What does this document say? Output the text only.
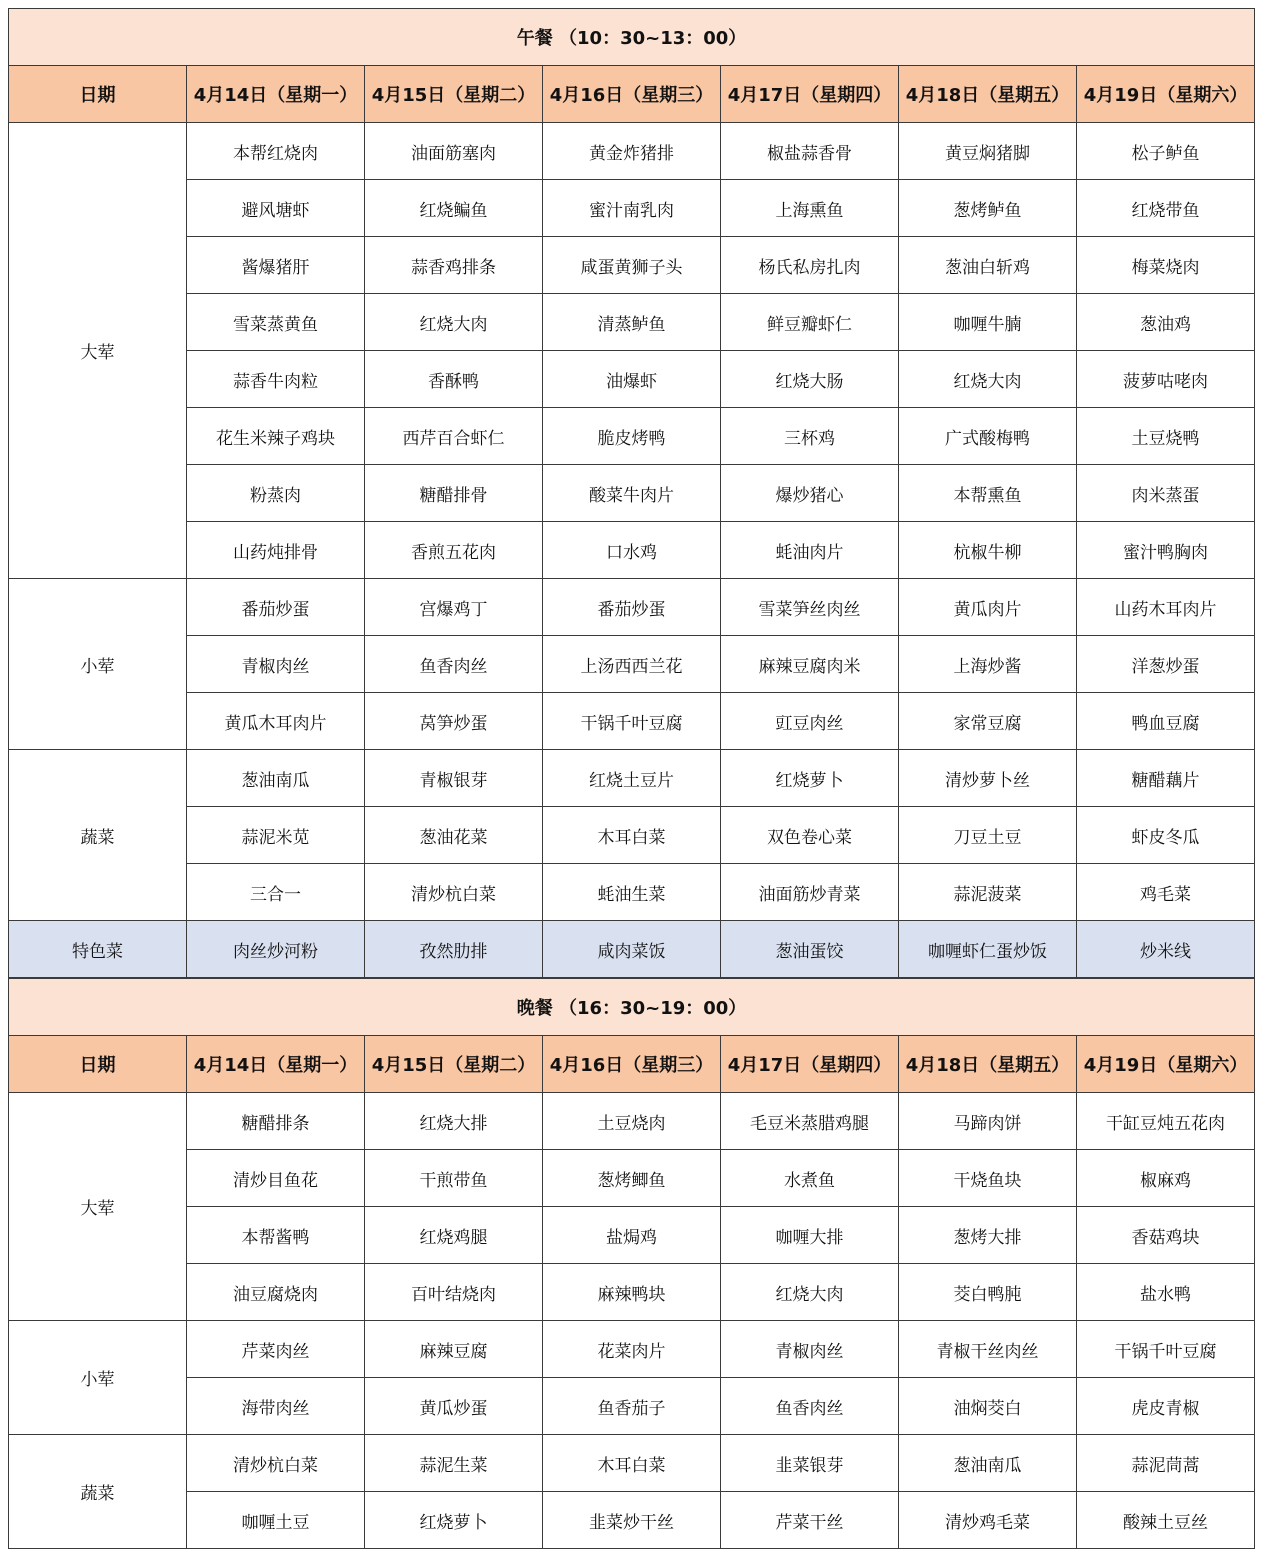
午餐 （10：30~13：00）						
日期	4月14日（星期一）	4月15日（星期二）	4月16日（星期三）	4月17日（星期四）	4月18日（星期五）	4月19日（星期六）
大荤	本帮红烧肉	油面筋塞肉	黄金炸猪排	椒盐蒜香骨	黄豆焖猪脚	松子鲈鱼
	避风塘虾	红烧鳊鱼	蜜汁南乳肉	上海熏鱼	葱烤鲈鱼	红烧带鱼
	酱爆猪肝	蒜香鸡排条	咸蛋黄狮子头	杨氏私房扎肉	葱油白斩鸡	梅菜烧肉
	雪菜蒸黄鱼	红烧大肉	清蒸鲈鱼	鲜豆瓣虾仁	咖喱牛腩	葱油鸡
	蒜香牛肉粒	香酥鸭	油爆虾	红烧大肠	红烧大肉	菠萝咕咾肉
	花生米辣子鸡块	西芹百合虾仁	脆皮烤鸭	三杯鸡	广式酸梅鸭	土豆烧鸭
	粉蒸肉	糖醋排骨	酸菜牛肉片	爆炒猪心	本帮熏鱼	肉米蒸蛋
	山药炖排骨	香煎五花肉	口水鸡	蚝油肉片	杭椒牛柳	蜜汁鸭胸肉
小荤	番茄炒蛋	宫爆鸡丁	番茄炒蛋	雪菜笋丝肉丝	黄瓜肉片	山药木耳肉片
	青椒肉丝	鱼香肉丝	上汤西西兰花	麻辣豆腐肉米	上海炒酱	洋葱炒蛋
	黄瓜木耳肉片	莴笋炒蛋	干锅千叶豆腐	豇豆肉丝	家常豆腐	鸭血豆腐
蔬菜	葱油南瓜	青椒银芽	红烧土豆片	红烧萝卜	清炒萝卜丝	糖醋藕片
	蒜泥米苋	葱油花菜	木耳白菜	双色卷心菜	刀豆土豆	虾皮冬瓜
	三合一	清炒杭白菜	蚝油生菜	油面筋炒青菜	蒜泥菠菜	鸡毛菜
特色菜	肉丝炒河粉	孜然肋排	咸肉菜饭	葱油蛋饺	咖喱虾仁蛋炒饭	炒米线
晚餐 （16：30~19：00）						
日期	4月14日（星期一）	4月15日（星期二）	4月16日（星期三）	4月17日（星期四）	4月18日（星期五）	4月19日（星期六）
大荤	糖醋排条	红烧大排	土豆烧肉	毛豆米蒸腊鸡腿	马蹄肉饼	干缸豆炖五花肉
	清炒目鱼花	干煎带鱼	葱烤鲫鱼	水煮鱼	干烧鱼块	椒麻鸡
	本帮酱鸭	红烧鸡腿	盐焗鸡	咖喱大排	葱烤大排	香菇鸡块
	油豆腐烧肉	百叶结烧肉	麻辣鸭块	红烧大肉	茭白鸭肫	盐水鸭
小荤	芹菜肉丝	麻辣豆腐	花菜肉片	青椒肉丝	青椒干丝肉丝	干锅千叶豆腐
	海带肉丝	黄瓜炒蛋	鱼香茄子	鱼香肉丝	油焖茭白	虎皮青椒
蔬菜	清炒杭白菜	蒜泥生菜	木耳白菜	韭菜银芽	葱油南瓜	蒜泥茼蒿
	咖喱土豆	红烧萝卜	韭菜炒干丝	芹菜干丝	清炒鸡毛菜	酸辣土豆丝
